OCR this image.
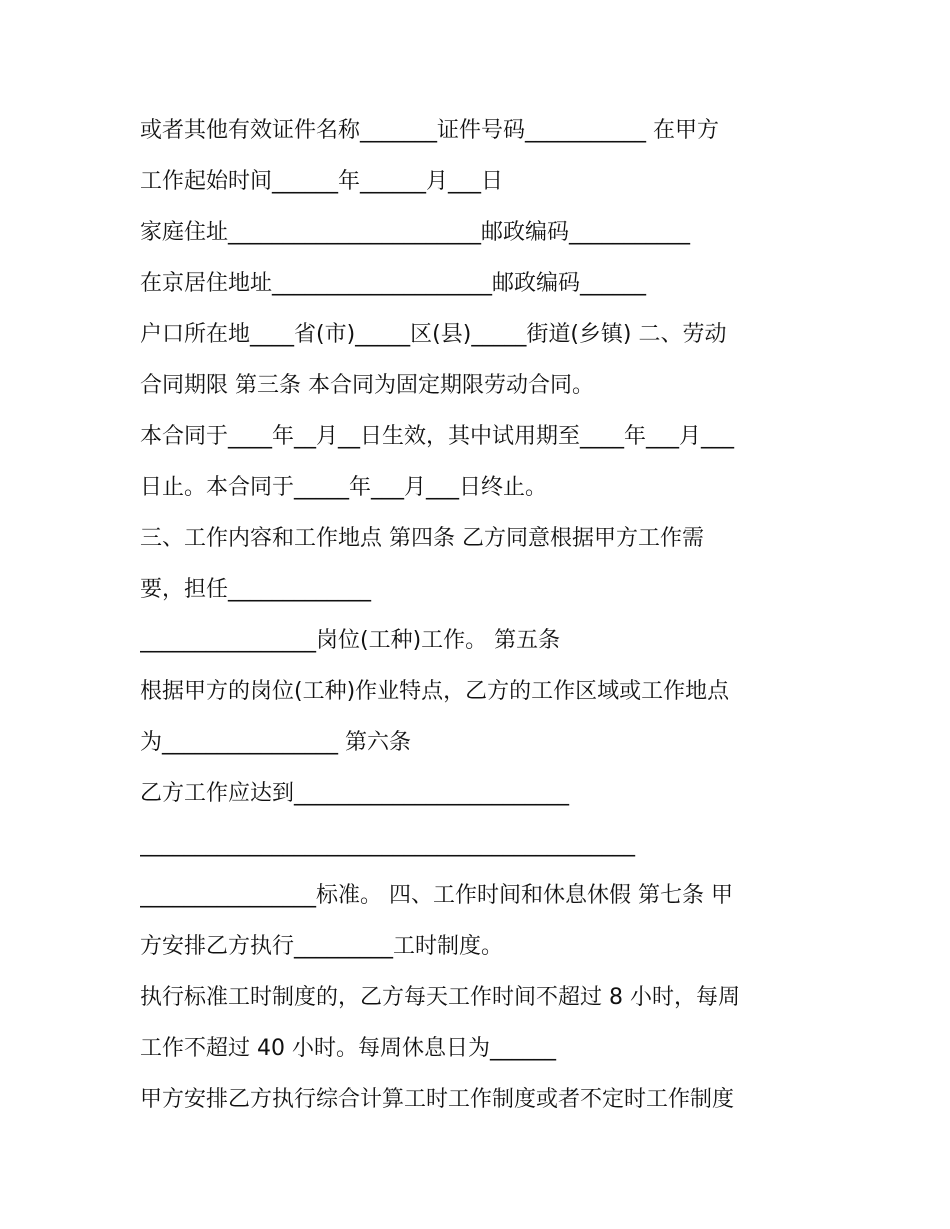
或者其他有效证件名称_______证件号码___________ 在甲方
工作起始时间______年______月___日
家庭住址_______________________邮政编码___________
在京居住地址____________________邮政编码______
户口所在地____省(市)_____区(县)_____街道(乡镇) 二、劳动
合同期限 第三条 本合同为固定期限劳动合同。
本合同于____年__月__日生效，其中试用期至____年___月___
日止。本合同于_____年___月___日终止。
三、工作内容和工作地点 第四条 乙方同意根据甲方工作需
要，担任_____________
________________岗位(工种)工作。 第五条
根据甲方的岗位(工种)作业特点，乙方的工作区域或工作地点
为________________ 第六条
乙方工作应达到_________________________
_____________________________________________
________________标准。 四、工作时间和休息休假 第七条 甲
方安排乙方执行_________工时制度。
执行标准工时制度的，乙方每天工作时间不超过 8 小时，每周
工作不超过 40 小时。每周休息日为______
甲方安排乙方执行综合计算工时工作制度或者不定时工作制度
